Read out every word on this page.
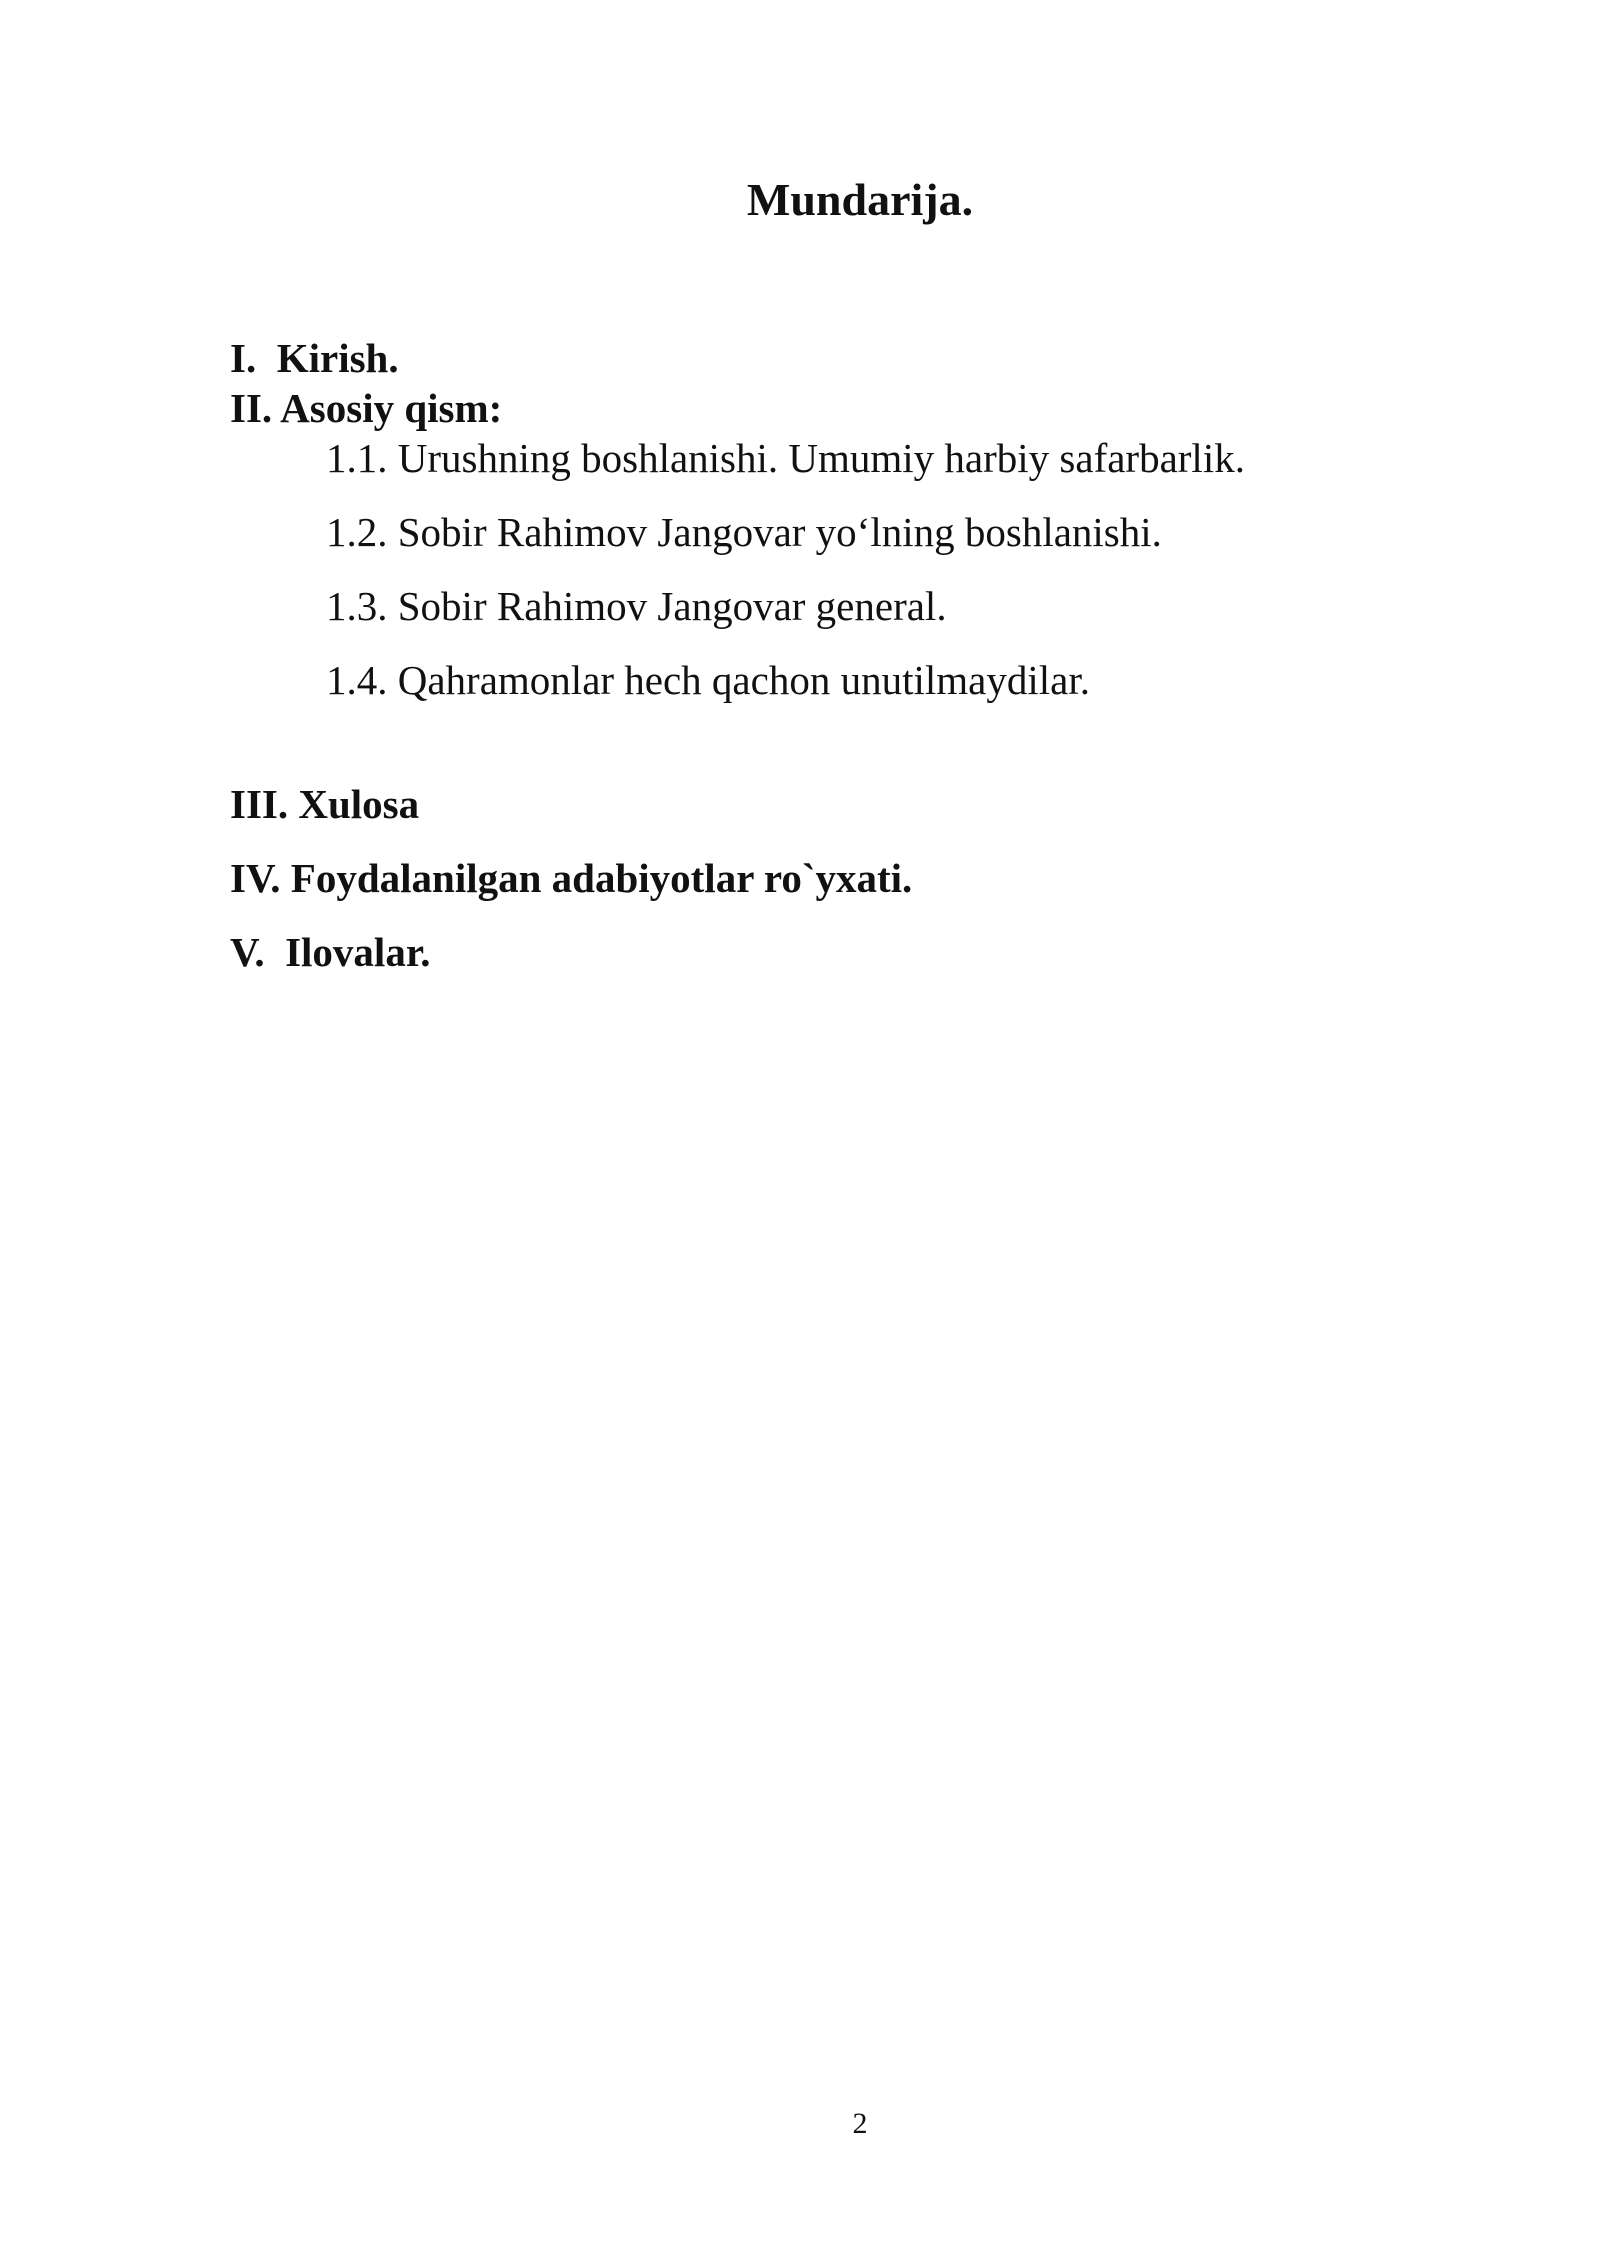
Mundarija.
I. Kirish.
II. Asosiy qism:
1.1. Urushning boshlanishi. Umumiy harbiy safarbarlik.
1.2. Sobir Rahimov Jangovar yo‘lning boshlanishi.
1.3. Sobir Rahimov Jangovar general.
1.4. Qahramonlar hech qachon unutilmaydilar.
III. Xulosa
IV. Foydalanilgan adabiyotlar ro`yxati.
V. Ilovalar.
2
